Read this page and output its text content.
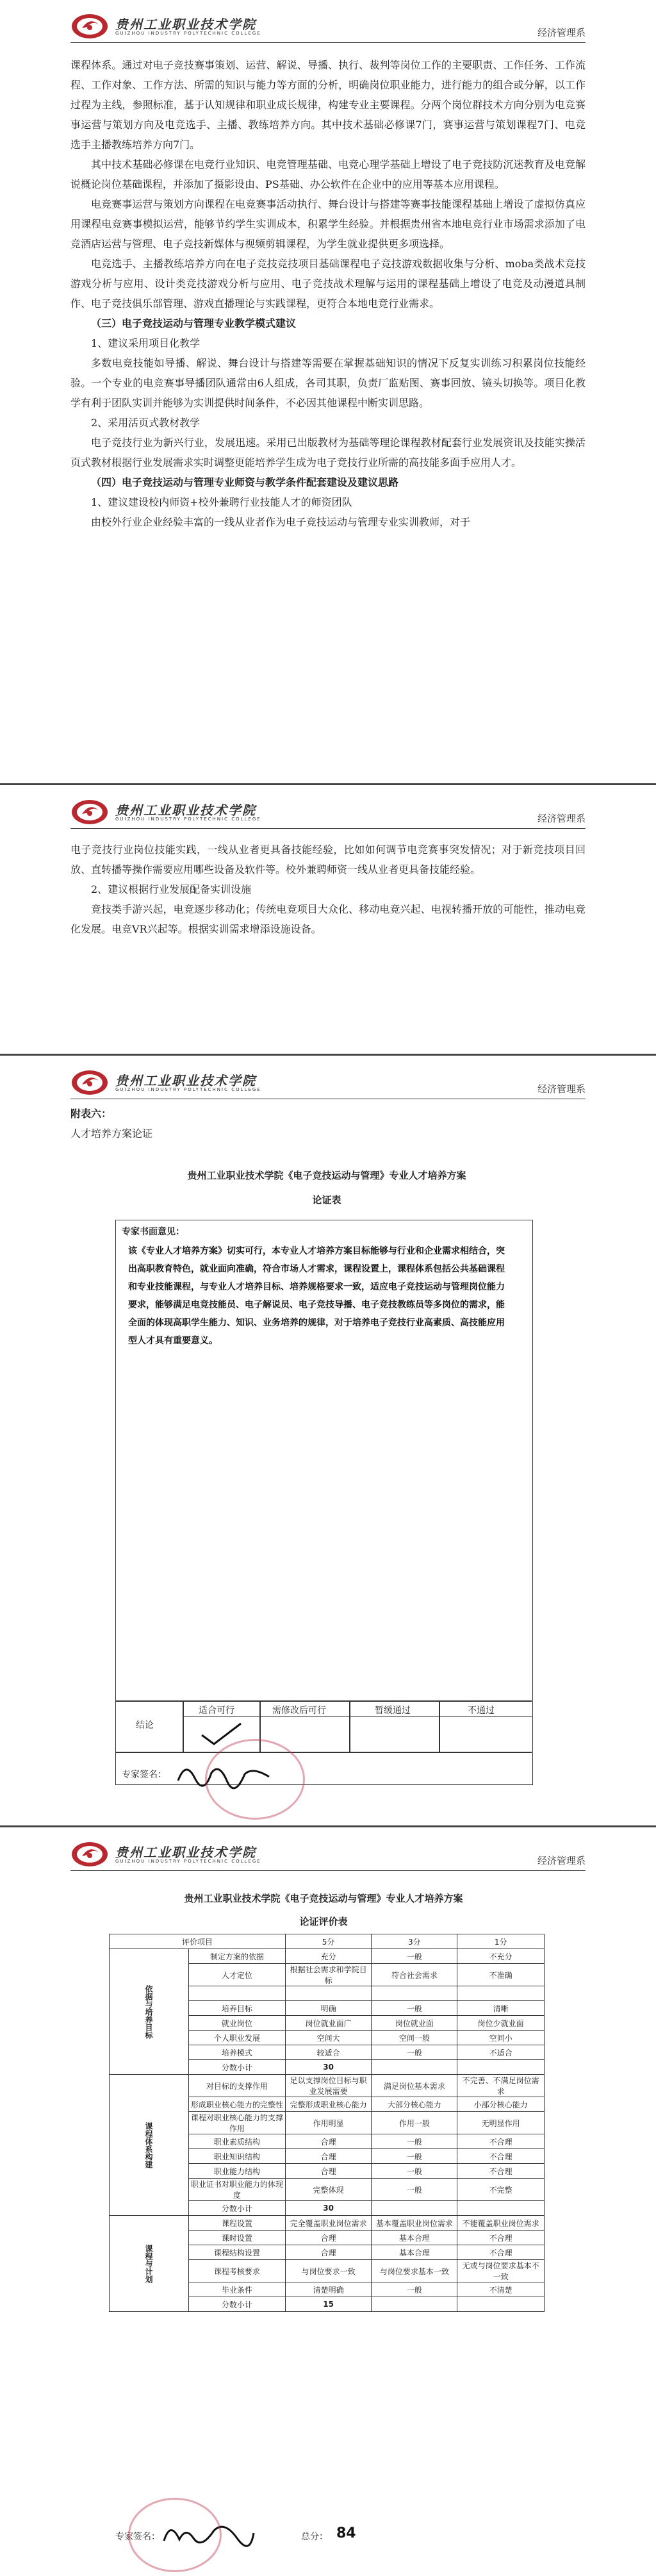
贵州工业职业技术学院
GUIZHOU INDUSTRY POLYTECHNIC COLLEGE	经济管理系

课程体系。通过对电子竞技赛事策划、运营、解说、导播、执行、裁判等岗位工作的主要职责、工作任务、工作流程、工作对象、工作方法、所需的知识与能力等方面的分析，明确岗位职业能力，进行能力的组合或分解，以工作过程为主线，参照标准，基于认知规律和职业成长规律，构建专业主要课程。分两个岗位群技术方向分别为电竞赛事运营与策划方向及电竞选手、主播、教练培养方向。其中技术基础必修课7门，赛事运营与策划课程7门、电竞选手主播教练培养方向7门。

其中技术基础必修课在电竞行业知识、电竞管理基础、电竞心理学基础上增设了电子竞技防沉迷教育及电竞解说概论岗位基础课程，并添加了摄影设由、PS基础、办公软件在企业中的应用等基本应用课程。

电竞赛事运营与策划方向课程在电竞赛事活动执行、舞台设计与搭建等赛事技能课程基础上增设了虚拟仿真应用课程电竞赛事模拟运营，能够节约学生实训成本，积累学生经验。并根据贵州省本地电竞行业市场需求添加了电竞酒店运营与管理、电子竞技新媒体与视频剪辑课程，为学生就业提供更多项选择。

电竞选手、主播教练培养方向在电子竞技竞技项目基础课程电子竞技游戏数据收集与分析、moba类战术竞技游戏分析与应用、设计类竞技游戏分析与应用、电子竞技战术理解与运用的课程基础上增设了电竞及动漫道具制作、电子竞技俱乐部管理、游戏直播理论与实践课程，更符合本地电竞行业需求。

（三）电子竞技运动与管理专业教学模式建议

1、建议采用项目化教学

多数电竞技能如导播、解说、舞台设计与搭建等需要在掌握基础知识的情况下反复实训练习积累岗位技能经验。一个专业的电竞赛事导播团队通常由6人组成，各司其职，负责厂监贴图、赛事回放、镜头切换等。项目化教学有利于团队实训并能够为实训提供时间条件，不必因其他课程中断实训思路。

2、采用活页式教材教学

电子竞技行业为新兴行业，发展迅速。采用已出版教材为基础等理论课程教材配套行业发展资讯及技能实操活页式教材根据行业发展需求实时调整更能培养学生成为电子竞技行业所需的高技能多面手应用人才。

（四）电子竞技运动与管理专业师资与教学条件配套建设及建议思路

1、建议建设校内师资+校外兼聘行业技能人才的师资团队

由校外行业企业经验丰富的一线从业者作为电子竞技运动与管理专业实训教师，对于

贵州工业职业技术学院
GUIZHOU INDUSTRY POLYTECHNIC COLLEGE	经济管理系

电子竞技行业岗位技能实践，一线从业者更具备技能经验，比如如何调节电竞赛事突发情况；对于新竞技项目回放、直转播等操作需要应用哪些设备及软件等。校外兼聘师资一线从业者更具备技能经验。

2、建议根据行业发展配备实训设施

竞技类手游兴起，电竞逐步移动化；传统电竞项目大众化、移动电竞兴起、电视转播开放的可能性，推动电竞化发展。电竞VR兴起等。根据实训需求增添设施设备。

贵州工业职业技术学院
GUIZHOU INDUSTRY POLYTECHNIC COLLEGE	经济管理系

附表六：

人才培养方案论证

贵州工业职业技术学院《电子竞技运动与管理》专业人才培养方案
论证表
专家书面意见：
该《专业人才培养方案》切实可行，本专业人才培养方案目标能够与行业和企业需求相结合，突出高职教育特色，就业面向准确，符合市场人才需求，课程设置上，课程体系包括公共基础课程和专业技能课程，与专业人才培养目标、培养规格要求一致，适应电子竞技运动与管理岗位能力要求，能够满足电竞技能员、电子解说员、电子竞技导播、电子竞技教练员等多岗位的需求，能全面的体现高职学生能力、知识、业务培养的规律，对于培养电子竞技行业高素质、高技能应用型人才具有重要意义。
结论
适合可行	需修改后可行	暂缓通过	不通过
专家签名：
贵州工业职业技术学院
GUIZHOU INDUSTRY POLYTECHNIC COLLEGE	经济管理系
贵州工业职业技术学院《电子竞技运动与管理》专业人才培养方案
论证评价表
评价项目		5分	3分	1分
依据与培养目标	制定方案的依据	充分	一般	不充分
	人才定位	根据社会需求和学院目标	符合社会需求	不准确

	培养目标	明确	一般	清晰
	就业岗位	岗位就业面广	岗位就业面	岗位少就业面
	个人职业发展	空间大	空间一般	空间小
	培养模式	较适合	一般	不适合
	分数小计	30		
课程体系构建	对目标的支撑作用	足以支撑岗位目标与职业发展需要	满足岗位基本需求	不完善、不满足岗位需求
	形成职业核心能力的完整性	完整形成职业核心能力	大部分核心能力	小部分核心能力
	课程对职业核心能力的支撑作用	作用明显	作用一般	无明显作用
	职业素质结构	合理	一般	不合理
	职业知识结构	合理	一般	不合理
	职业能力结构	合理	一般	不合理
	职业证书对职业能力的体现度	完整体现	一般	不完整
	分数小计	30		
课程与计划	课程设置	完全覆盖职业岗位需求	基本覆盖职业岗位需求	不能覆盖职业岗位需求
	课时设置	合理	基本合理	不合理
	课程结构设置	合理	基本合理	不合理
	课程考核要求	与岗位要求一致	与岗位要求基本一致	无或与岗位要求基本不一致
	毕业条件	清楚明确	一般	不清楚
	分数小计	15		
专家签名：	总分： 84
